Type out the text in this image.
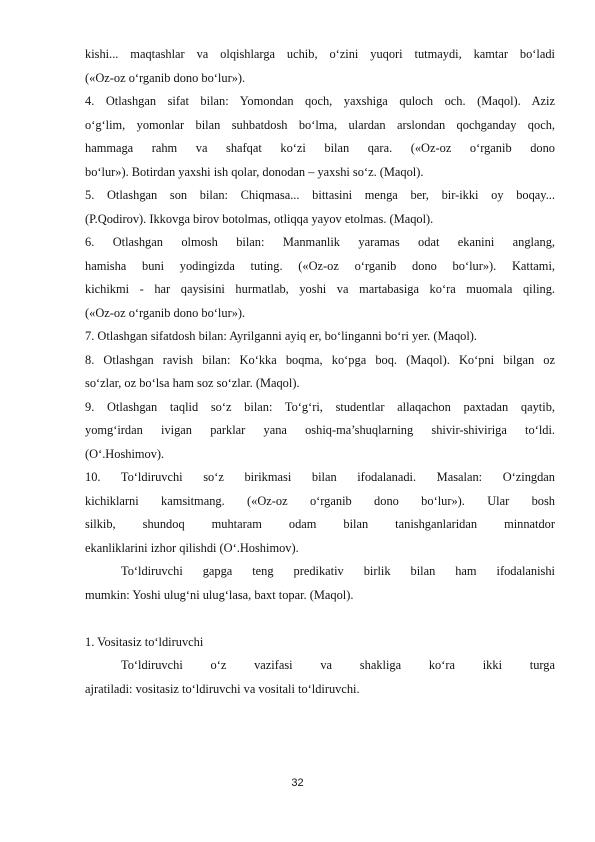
kishi... maqtashlar va olqishlarga uchib, o‘zini yuqori tutmaydi, kamtar bo‘ladi
(«Oz-oz o‘rganib dono bo‘lur»).
4. Otlashgan sifat bilan: Yomondan qoch, yaxshiga quloch och. (Maqol). Aziz
o‘g‘lim, yomonlar bilan suhbatdosh bo‘lma, ulardan arslondan qochganday qoch,
hammaga rahm va shafqat ko‘zi bilan qara. («Oz-oz o‘rganib dono
bo‘lur»). Botirdan yaxshi ish qolar, donodan – yaxshi so‘z. (Maqol).
5. Otlashgan son bilan: Chiqmasa... bittasini menga ber, bir-ikki oy boqay...
(P.Qodirov). Ikkovga birov botolmas, otliqqa yayov etolmas. (Maqol).
6. Otlashgan olmosh bilan: Manmanlik yaramas odat ekanini anglang,
hamisha buni yodingizda tuting. («Oz-oz o‘rganib dono bo‘lur»). Kattami,
kichikmi - har qaysisini hurmatlab, yoshi va martabasiga ko‘ra muomala qiling.
(«Oz-oz o‘rganib dono bo‘lur»).
7. Otlashgan sifatdosh bilan: Ayrilganni ayiq er, bo‘linganni bo‘ri yer. (Maqol).
8. Otlashgan ravish bilan: Ko‘kka boqma, ko‘pga boq. (Maqol). Ko‘pni bilgan oz
so‘zlar, oz bo‘lsa ham soz so‘zlar. (Maqol).
9. Otlashgan taqlid so‘z bilan: To‘g‘ri, studentlar allaqachon paxtadan qaytib,
yomg‘irdan ivigan parklar yana oshiq-ma’shuqlarning shivir-shiviriga to‘ldi.
(O‘.Hoshimov).
10. To‘ldiruvchi so‘z birikmasi bilan ifodalanadi. Masalan: O‘zingdan
kichiklarni kamsitmang. («Oz-oz o‘rganib dono bo‘lur»). Ular bosh
silkib, shundoq muhtaram odam bilan tanishganlaridan minnatdor
ekanliklarini izhor qilishdi (O‘.Hoshimov).
To‘ldiruvchi gapga teng predikativ birlik bilan ham ifodalanishi
mumkin: Yoshi ulug‘ni ulug‘lasa, baxt topar. (Maqol).
1. Vositasiz to‘ldiruvchi
To‘ldiruvchi o‘z vazifasi va shakliga ko‘ra ikki turga
ajratiladi: vositasiz to‘ldiruvchi va vositali to‘ldiruvchi.
32
